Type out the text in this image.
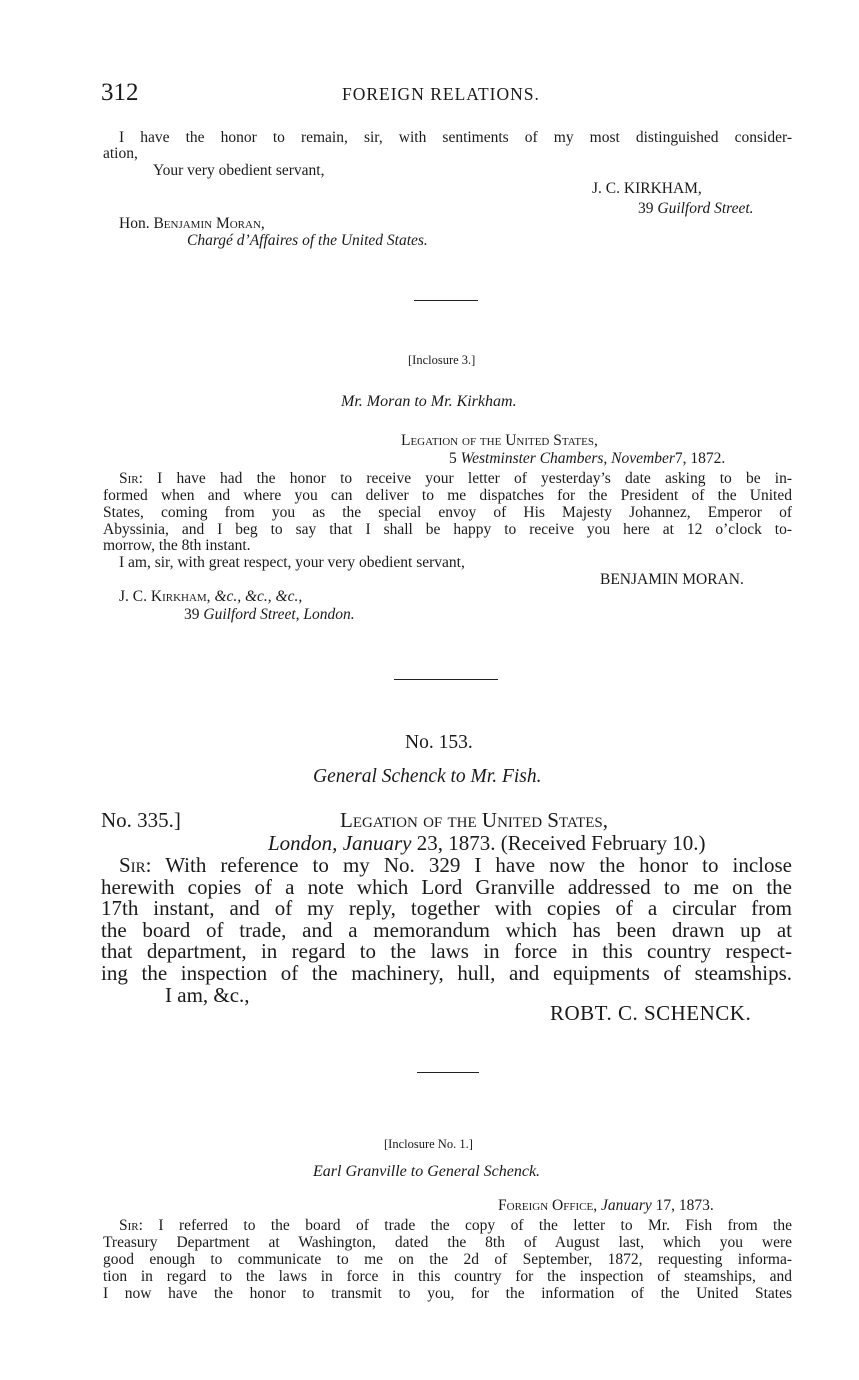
312	FOREIGN RELATIONS.
I have the honor to remain, sir, with sentiments of my most distinguished consider-
ation,
Your very obedient servant,
J. C. KIRKHAM,
39 Guilford Street.
Hon. Benjamin Moran,
Chargé d’Affaires of the United States.
[Inclosure 3.]
Mr. Moran to Mr. Kirkham.
Legation of the United States,
5 Westminster Chambers, November7, 1872.
Sir: I have had the honor to receive your letter of yesterday’s date asking to be in-
formed when and where you can deliver to me dispatches for the President of the United
States, coming from you as the special envoy of His Majesty Johannez, Emperor of
Abyssinia, and I beg to say that I shall be happy to receive you here at 12 o’clock to-
morrow, the 8th instant.
I am, sir, with great respect, your very obedient servant,
BENJAMIN MORAN.
J. C. Kirkham, &c., &c., &c.,
39 Guilford Street, London.
No. 153.
General Schenck to Mr. Fish.
No. 335.]	Legation of the United States,
London, January 23, 1873. (Received February 10.)
Sir: With reference to my No. 329 I have now the honor to inclose
herewith copies of a note which Lord Granville addressed to me on the
17th instant, and of my reply, together with copies of a circular from
the board of trade, and a memorandum which has been drawn up at
that department, in regard to the laws in force in this country respect-
ing the inspection of the machinery, hull, and equipments of steamships.
I am, &c.,
ROBT. C. SCHENCK.
[Inclosure No. 1.]
Earl Granville to General Schenck.
Foreign Office, January 17, 1873.
Sir: I referred to the board of trade the copy of the letter to Mr. Fish from the
Treasury Department at Washington, dated the 8th of August last, which you were
good enough to communicate to me on the 2d of September, 1872, requesting informa-
tion in regard to the laws in force in this country for the inspection of steamships, and
I now have the honor to transmit to you, for the information of the United States
